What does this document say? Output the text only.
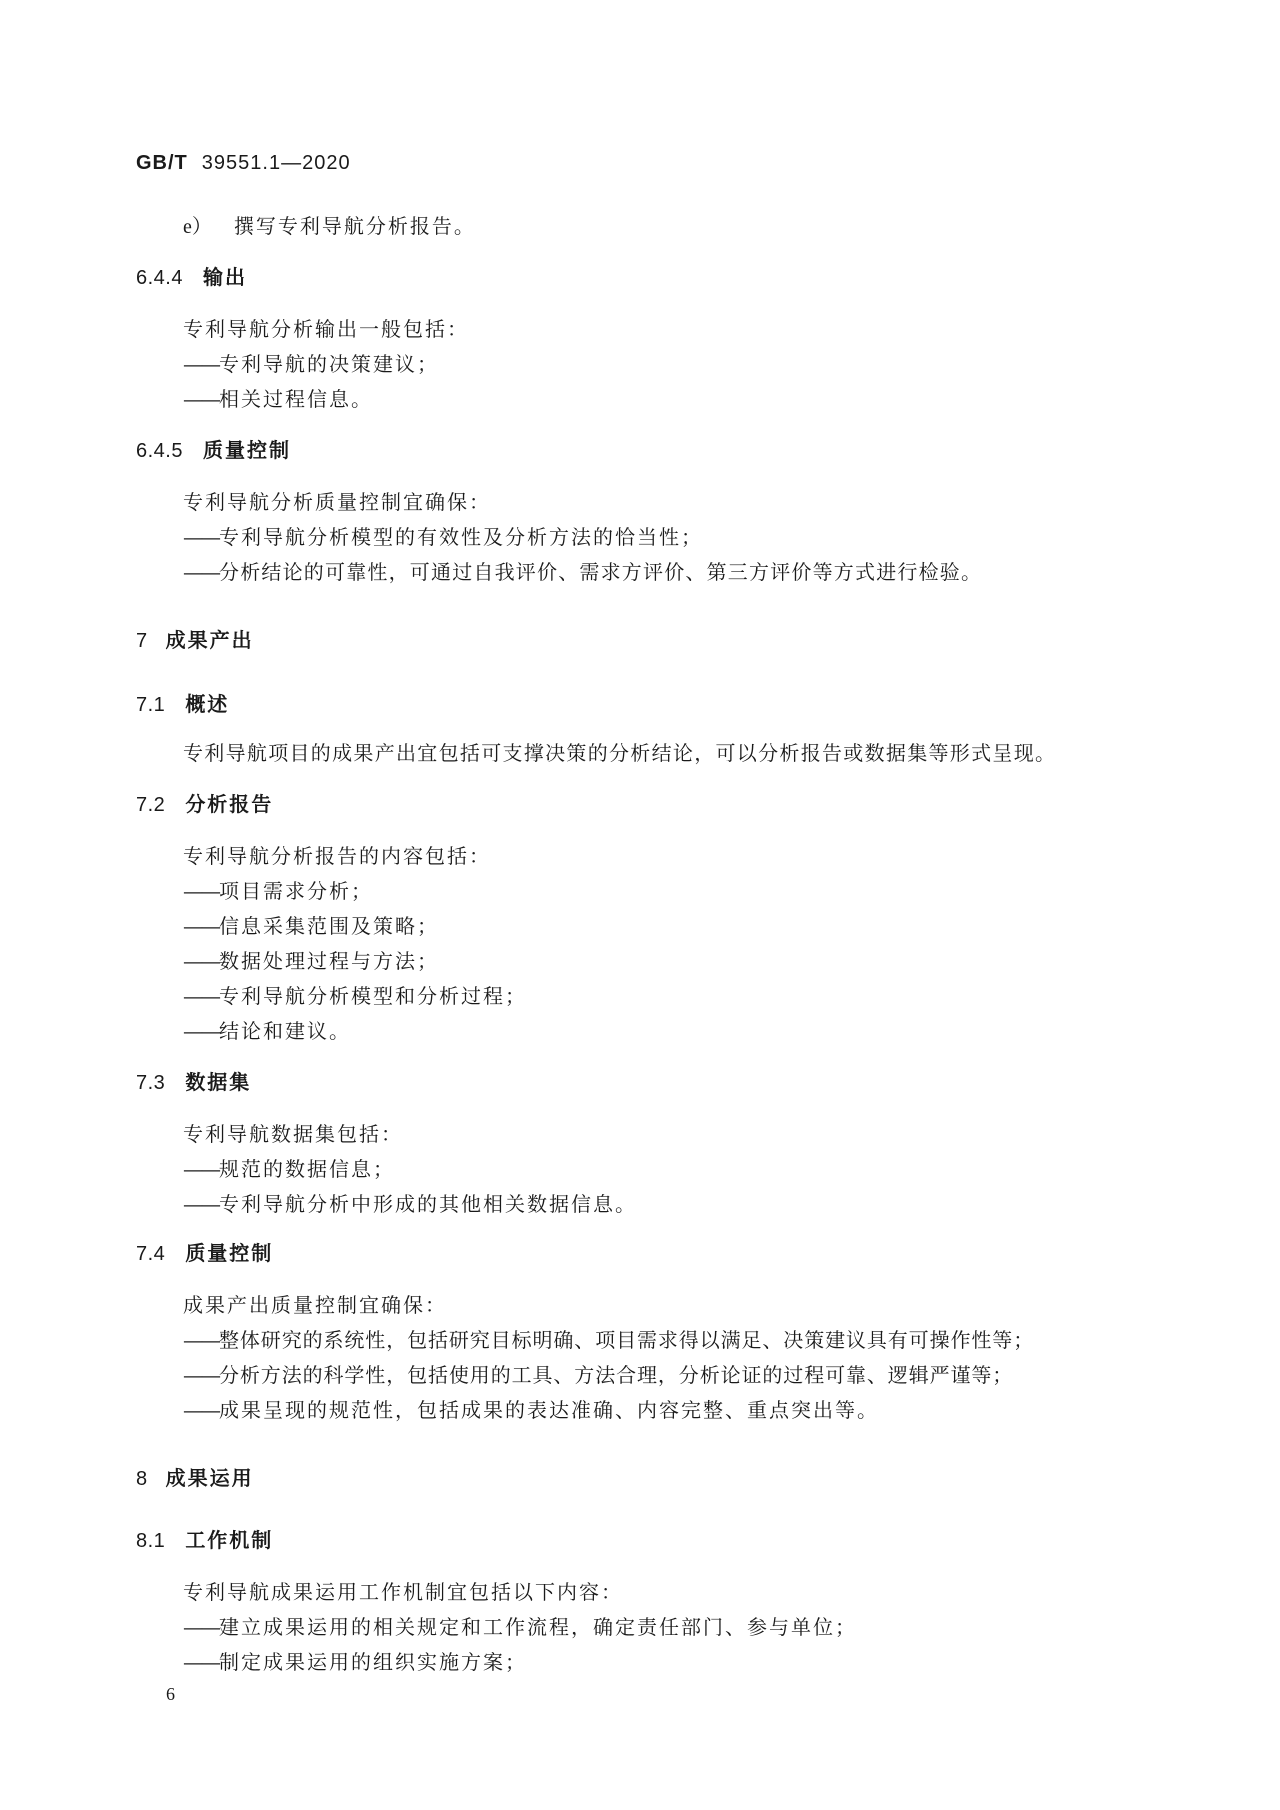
GB/T 39551.1—2020
e） 撰写专利导航分析报告。
6.4.4 输出
专利导航分析输出一般包括：
——专利导航的决策建议；
——相关过程信息。
6.4.5 质量控制
专利导航分析质量控制宜确保：
——专利导航分析模型的有效性及分析方法的恰当性；
——分析结论的可靠性，可通过自我评价、需求方评价、第三方评价等方式进行检验。
7 成果产出
7.1 概述
专利导航项目的成果产出宜包括可支撑决策的分析结论，可以分析报告或数据集等形式呈现。
7.2 分析报告
专利导航分析报告的内容包括：
——项目需求分析；
——信息采集范围及策略；
——数据处理过程与方法；
——专利导航分析模型和分析过程；
——结论和建议。
7.3 数据集
专利导航数据集包括：
——规范的数据信息；
——专利导航分析中形成的其他相关数据信息。
7.4 质量控制
成果产出质量控制宜确保：
——整体研究的系统性，包括研究目标明确、项目需求得以满足、决策建议具有可操作性等；
——分析方法的科学性，包括使用的工具、方法合理，分析论证的过程可靠、逻辑严谨等；
——成果呈现的规范性，包括成果的表达准确、内容完整、重点突出等。
8 成果运用
8.1 工作机制
专利导航成果运用工作机制宜包括以下内容：
——建立成果运用的相关规定和工作流程，确定责任部门、参与单位；
——制定成果运用的组织实施方案；
6
